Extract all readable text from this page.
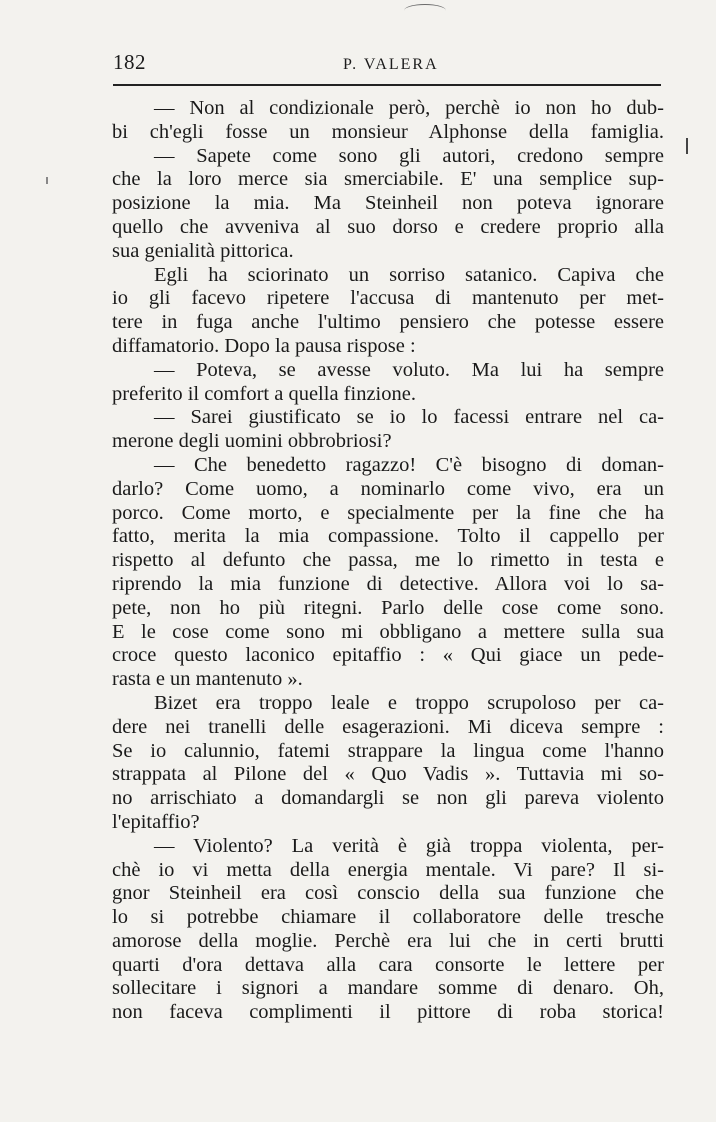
182	P. VALERA
— Non al condizionale però, perchè io non ho dub-
bi ch'egli fosse un monsieur Alphonse della famiglia.
— Sapete come sono gli autori, credono sempre
che la loro merce sia smerciabile. E' una semplice sup-
posizione la mia. Ma Steinheil non poteva ignorare
quello che avveniva al suo dorso e credere proprio alla
sua genialità pittorica.
Egli ha sciorinato un sorriso satanico. Capiva che
io gli facevo ripetere l'accusa di mantenuto per met-
tere in fuga anche l'ultimo pensiero che potesse essere
diffamatorio. Dopo la pausa rispose :
— Poteva, se avesse voluto. Ma lui ha sempre
preferito il comfort a quella finzione.
— Sarei giustificato se io lo facessi entrare nel ca-
merone degli uomini obbrobriosi?
— Che benedetto ragazzo! C'è bisogno di doman-
darlo? Come uomo, a nominarlo come vivo, era un
porco. Come morto, e specialmente per la fine che ha
fatto, merita la mia compassione. Tolto il cappello per
rispetto al defunto che passa, me lo rimetto in testa e
riprendo la mia funzione di detective. Allora voi lo sa-
pete, non ho più ritegni. Parlo delle cose come sono.
E le cose come sono mi obbligano a mettere sulla sua
croce questo laconico epitaffio : « Qui giace un pede-
rasta e un mantenuto ».
Bizet era troppo leale e troppo scrupoloso per ca-
dere nei tranelli delle esagerazioni. Mi diceva sempre :
Se io calunnio, fatemi strappare la lingua come l'hanno
strappata al Pilone del « Quo Vadis ». Tuttavia mi so-
no arrischiato a domandargli se non gli pareva violento
l'epitaffio?
— Violento? La verità è già troppa violenta, per-
chè io vi metta della energia mentale. Vi pare? Il si-
gnor Steinheil era così conscio della sua funzione che
lo si potrebbe chiamare il collaboratore delle tresche
amorose della moglie. Perchè era lui che in certi brutti
quarti d'ora dettava alla cara consorte le lettere per
sollecitare i signori a mandare somme di denaro. Oh,
non faceva complimenti il pittore di roba storica!
